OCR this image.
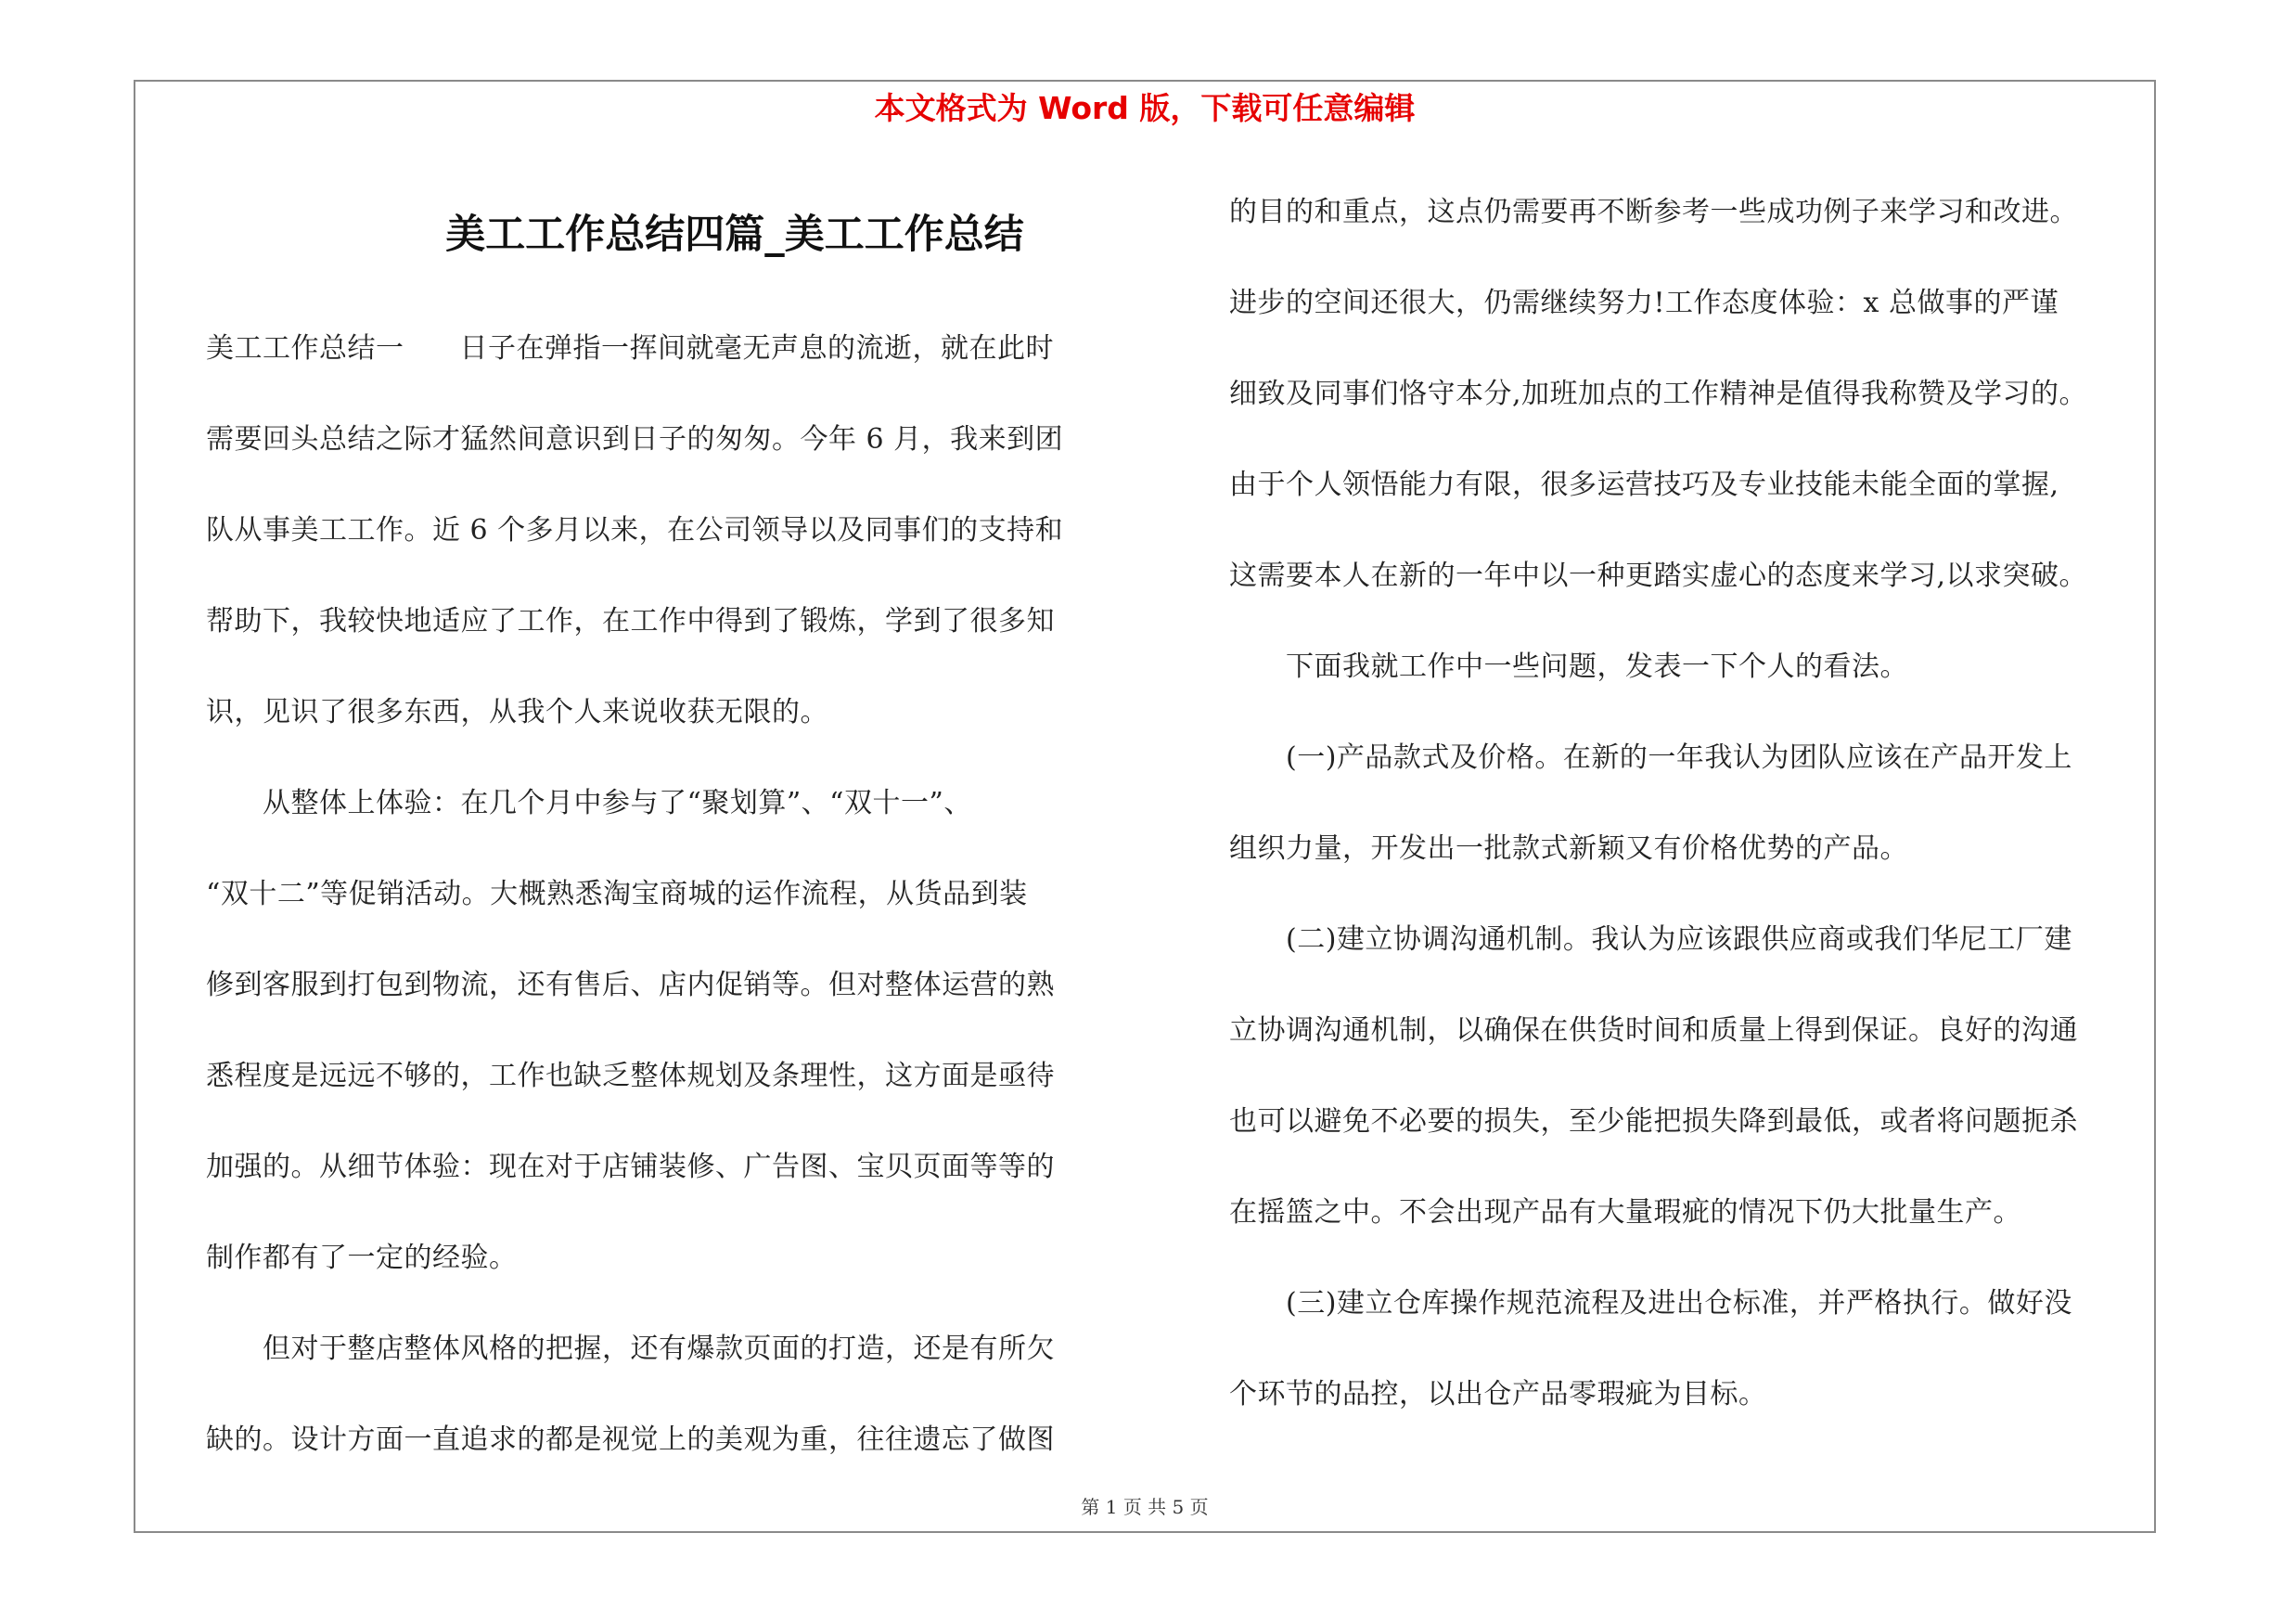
本文格式为 Word 版，下载可任意编辑
美工工作总结四篇_美工工作总结

美工工作总结一 日子在弹指一挥间就毫无声息的流逝，就在此时

需要回头总结之际才猛然间意识到日子的匆匆。今年 6 月，我来到团

队从事美工工作。近 6 个多月以来，在公司领导以及同事们的支持和

帮助下，我较快地适应了工作，在工作中得到了锻炼，学到了很多知

识，见识了很多东西，从我个人来说收获无限的。

　　从整体上体验：在几个月中参与了“聚划算”、“双十一”、

“双十二”等促销活动。大概熟悉淘宝商城的运作流程，从货品到装

修到客服到打包到物流，还有售后、店内促销等。但对整体运营的熟

悉程度是远远不够的，工作也缺乏整体规划及条理性，这方面是亟待

加强的。从细节体验：现在对于店铺装修、广告图、宝贝页面等等的

制作都有了一定的经验。

　　但对于整店整体风格的把握，还有爆款页面的打造，还是有所欠

缺的。设计方面一直追求的都是视觉上的美观为重，往往遗忘了做图

的目的和重点，这点仍需要再不断参考一些成功例子来学习和改进。

进步的空间还很大，仍需继续努力!工作态度体验：x 总做事的严谨

细致及同事们恪守本分,加班加点的工作精神是值得我称赞及学习的。

由于个人领悟能力有限，很多运营技巧及专业技能未能全面的掌握,

这需要本人在新的一年中以一种更踏实虚心的态度来学习,以求突破。

　　下面我就工作中一些问题，发表一下个人的看法。

　　(一)产品款式及价格。在新的一年我认为团队应该在产品开发上

组织力量，开发出一批款式新颖又有价格优势的产品。

　　(二)建立协调沟通机制。我认为应该跟供应商或我们华尼工厂建

立协调沟通机制，以确保在供货时间和质量上得到保证。良好的沟通

也可以避免不必要的损失，至少能把损失降到最低，或者将问题扼杀

在摇篮之中。不会出现产品有大量瑕疵的情况下仍大批量生产。

　　(三)建立仓库操作规范流程及进出仓标准，并严格执行。做好没

个环节的品控，以出仓产品零瑕疵为目标。

第 1 页 共 5 页
